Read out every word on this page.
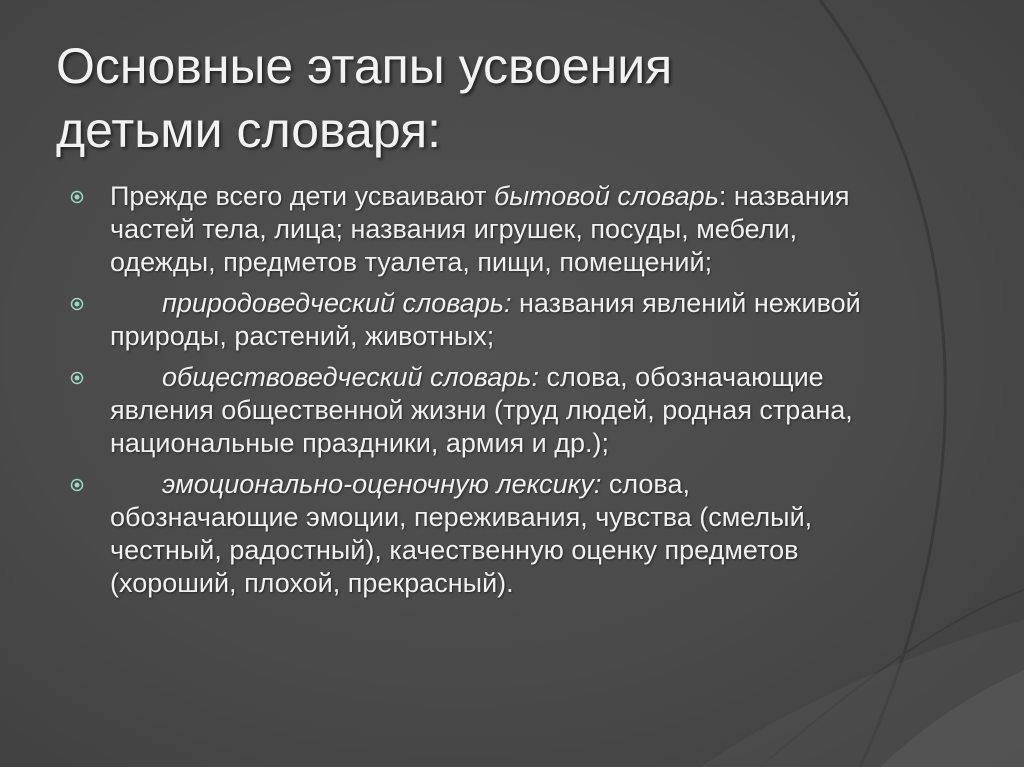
Основные этапы усвоения
детьми словаря:
Прежде всего дети усваивают бытовой словарь: названия частей тела, лица; названия игрушек, посуды, мебели, одежды, предметов туалета, пищи, помещений;
природоведческий словарь: названия явлений неживой природы, растений, животных;
обществоведческий словарь: слова, обозначающие явления общественной жизни (труд людей, родная страна, национальные праздники, армия и др.);
эмоционально-оценочную лексику: слова, обозначающие эмоции, переживания, чувства (смелый, честный, радостный), качественную оценку предметов (хороший, плохой, прекрасный).
